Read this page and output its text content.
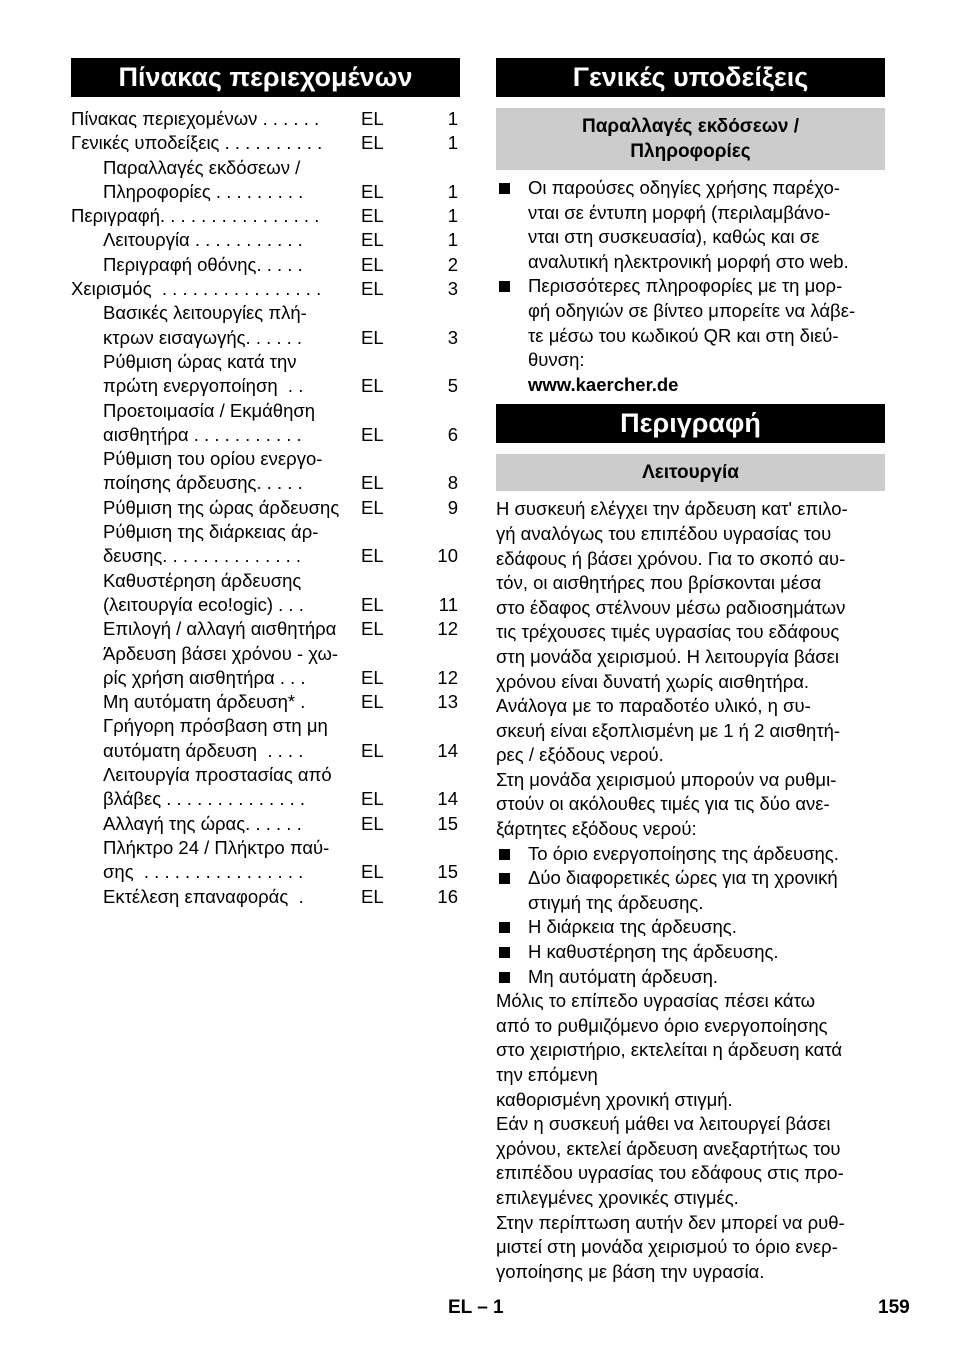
Πίνακας περιεχομένων
Πίνακας περιεχομένων . . . . . .	EL	1
Γενικές υποδείξεις . . . . . . . . . .	EL	1
Παραλλαγές εκδόσεων /
Πληροφορίες . . . . . . . . .	EL	1
Περιγραφή. . . . . . . . . . . . . . . .	EL	1
Λειτουργία . . . . . . . . . . .	EL	1
Περιγραφή οθόνης. . . . .	EL	2
Χειρισμός  . . . . . . . . . . . . . . . .	EL	3
Βασικές λειτουργίες πλή-
κτρων εισαγωγής. . . . . .	EL	3
Ρύθμιση ώρας κατά την
πρώτη ενεργοποίηση  . .	EL	5
Προετοιμασία / Εκμάθηση
αισθητήρα . . . . . . . . . . .	EL	6
Ρύθμιση του ορίου ενεργο-
ποίησης άρδευσης. . . . .	EL	8
Ρύθμιση της ώρας άρδευσης	EL	9
Ρύθμιση της διάρκειας άρ-
δευσης. . . . . . . . . . . . . .	EL	10
Καθυστέρηση άρδευσης
(λειτουργία eco!ogic) . . .	EL	11
Επιλογή / αλλαγή αισθητήρα	EL	12
Άρδευση βάσει χρόνου - χω-
ρίς χρήση αισθητήρα . . .	EL	12
Μη αυτόματη άρδευση* .	EL	13
Γρήγορη πρόσβαση στη μη
αυτόματη άρδευση  . . . .	EL	14
Λειτουργία προστασίας από
βλάβες . . . . . . . . . . . . . .	EL	14
Αλλαγή της ώρας. . . . . .	EL	15
Πλήκτρο 24 / Πλήκτρο παύ-
σης  . . . . . . . . . . . . . . . .	EL	15
Εκτέλεση επαναφοράς  .	EL	16
Γενικές υποδείξεις
Παραλλαγές εκδόσεων /
Πληροφορίες
Οι παρούσες οδηγίες χρήσης παρέχο-
νται σε έντυπη μορφή (περιλαμβάνο-
νται στη συσκευασία), καθώς και σε
αναλυτική ηλεκτρονική μορφή στο web.
Περισσότερες πληροφορίες με τη μορ-
φή οδηγιών σε βίντεο μπορείτε να λάβε-
τε μέσω του κωδικού QR και στη διεύ-
θυνση:
www.kaercher.de
Περιγραφή
Λειτουργία
Η συσκευή ελέγχει την άρδευση κατ' επιλο-
γή αναλόγως του επιπέδου υγρασίας του
εδάφους ή βάσει χρόνου. Για το σκοπό αυ-
τόν, οι αισθητήρες που βρίσκονται μέσα
στο έδαφος στέλνουν μέσω ραδιοσημάτων
τις τρέχουσες τιμές υγρασίας του εδάφους
στη μονάδα χειρισμού. Η λειτουργία βάσει
χρόνου είναι δυνατή χωρίς αισθητήρα.
Ανάλογα με το παραδοτέο υλικό, η συ-
σκευή είναι εξοπλισμένη με 1 ή 2 αισθητή-
ρες / εξόδους νερού.
Στη μονάδα χειρισμού μπορούν να ρυθμι-
στούν οι ακόλουθες τιμές για τις δύο ανε-
ξάρτητες εξόδους νερού:
Το όριο ενεργοποίησης της άρδευσης.
Δύο διαφορετικές ώρες για τη χρονική
στιγμή της άρδευσης.
Η διάρκεια της άρδευσης.
Η καθυστέρηση της άρδευσης.
Μη αυτόματη άρδευση.
Μόλις το επίπεδο υγρασίας πέσει κάτω
από το ρυθμιζόμενο όριο ενεργοποίησης
στο χειριστήριο, εκτελείται η άρδευση κατά
την επόμενη
καθορισμένη χρονική στιγμή.
Εάν η συσκευή μάθει να λειτουργεί βάσει
χρόνου, εκτελεί άρδευση ανεξαρτήτως του
επιπέδου υγρασίας του εδάφους στις προ-
επιλεγμένες χρονικές στιγμές.
Στην περίπτωση αυτήν δεν μπορεί να ρυθ-
μιστεί στη μονάδα χειρισμού το όριο ενερ-
γοποίησης με βάση την υγρασία.
EL – 1	159
